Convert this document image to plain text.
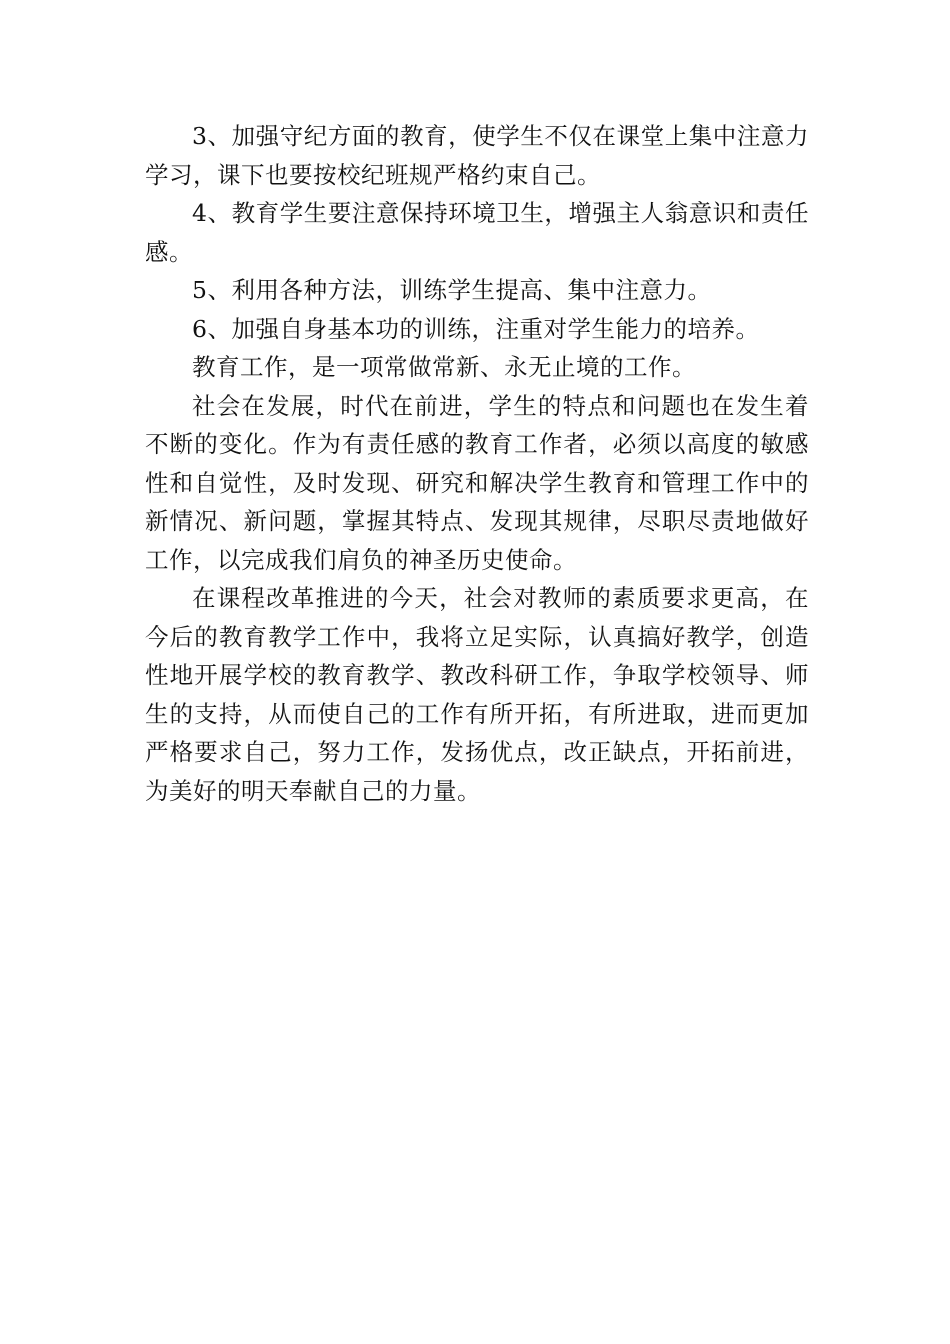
3、加强守纪方面的教育，使学生不仅在课堂上集中注意力学习，课下也要按校纪班规严格约束自己。

4、教育学生要注意保持环境卫生，增强主人翁意识和责任感。

5、利用各种方法，训练学生提高、集中注意力。

6、加强自身基本功的训练，注重对学生能力的培养。

教育工作，是一项常做常新、永无止境的工作。

社会在发展，时代在前进，学生的特点和问题也在发生着不断的变化。作为有责任感的教育工作者，必须以高度的敏感性和自觉性，及时发现、研究和解决学生教育和管理工作中的新情况、新问题，掌握其特点、发现其规律，尽职尽责地做好工作，以完成我们肩负的神圣历史使命。

在课程改革推进的今天，社会对教师的素质要求更高，在今后的教育教学工作中，我将立足实际，认真搞好教学，创造性地开展学校的教育教学、教改科研工作，争取学校领导、师生的支持，从而使自己的工作有所开拓，有所进取，进而更加严格要求自己，努力工作，发扬优点，改正缺点，开拓前进，为美好的明天奉献自己的力量。
